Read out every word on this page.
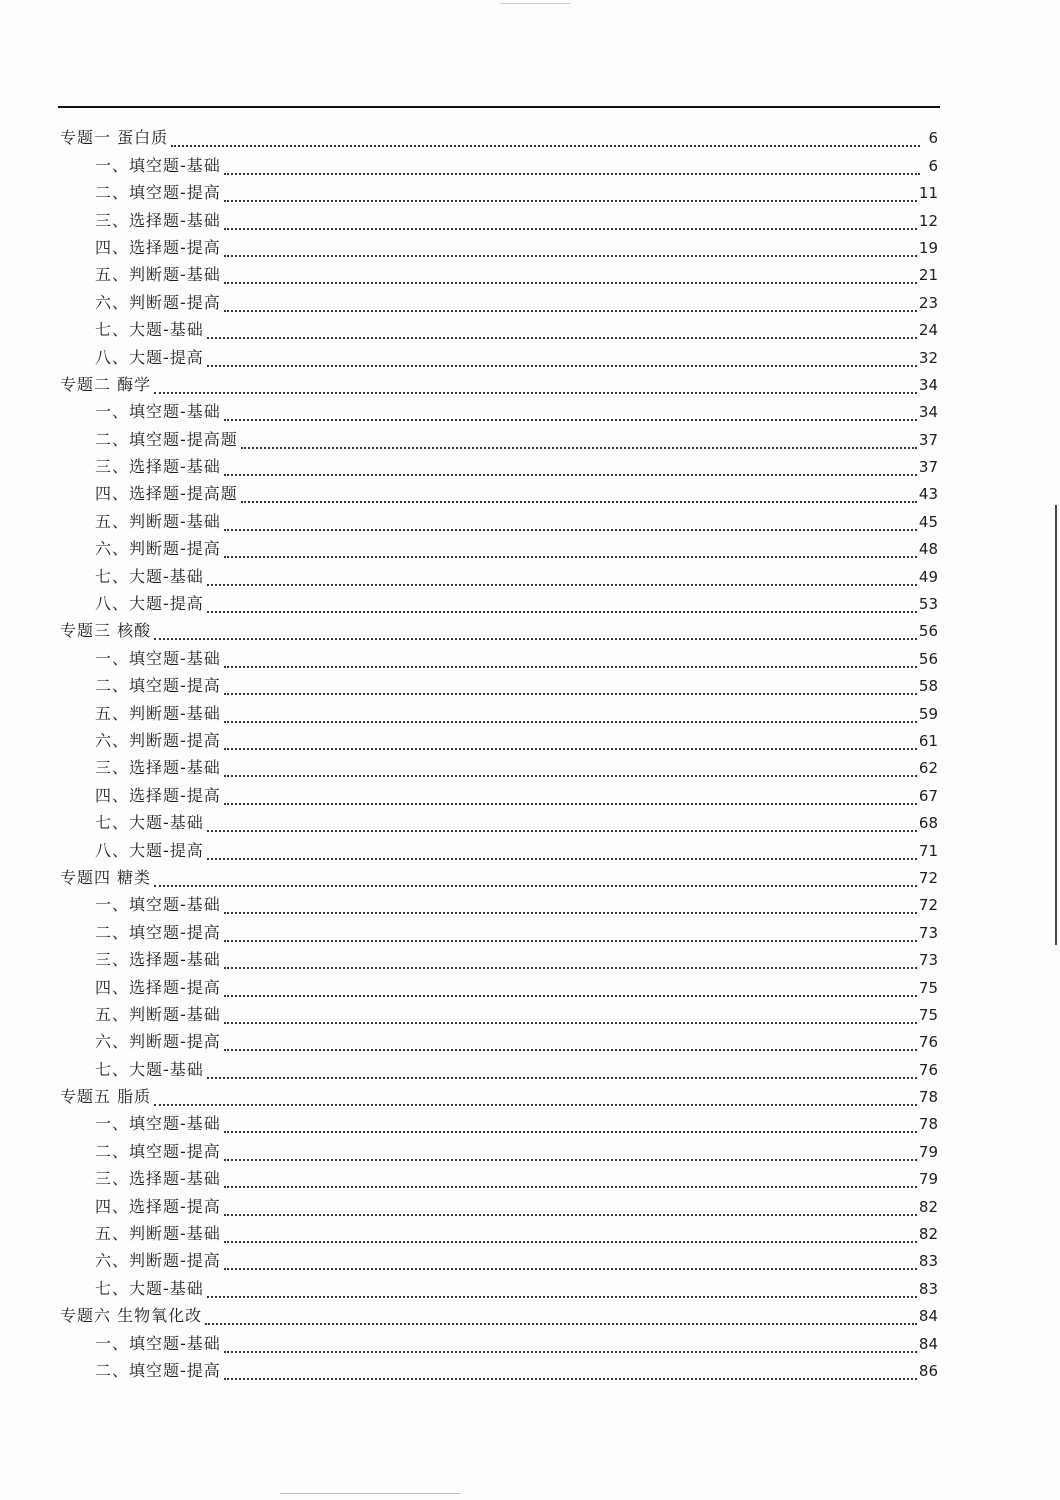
专题一 蛋白质	6
一、填空题-基础	6
二、填空题-提高	11
三、选择题-基础	12
四、选择题-提高	19
五、判断题-基础	21
六、判断题-提高	23
七、大题-基础	24
八、大题-提高	32
专题二 酶学	34
一、填空题-基础	34
二、填空题-提高题	37
三、选择题-基础	37
四、选择题-提高题	43
五、判断题-基础	45
六、判断题-提高	48
七、大题-基础	49
八、大题-提高	53
专题三 核酸	56
一、填空题-基础	56
二、填空题-提高	58
五、判断题-基础	59
六、判断题-提高	61
三、选择题-基础	62
四、选择题-提高	67
七、大题-基础	68
八、大题-提高	71
专题四 糖类	72
一、填空题-基础	72
二、填空题-提高	73
三、选择题-基础	73
四、选择题-提高	75
五、判断题-基础	75
六、判断题-提高	76
七、大题-基础	76
专题五 脂质	78
一、填空题-基础	78
二、填空题-提高	79
三、选择题-基础	79
四、选择题-提高	82
五、判断题-基础	82
六、判断题-提高	83
七、大题-基础	83
专题六 生物氧化改	84
一、填空题-基础	84
二、填空题-提高	86
